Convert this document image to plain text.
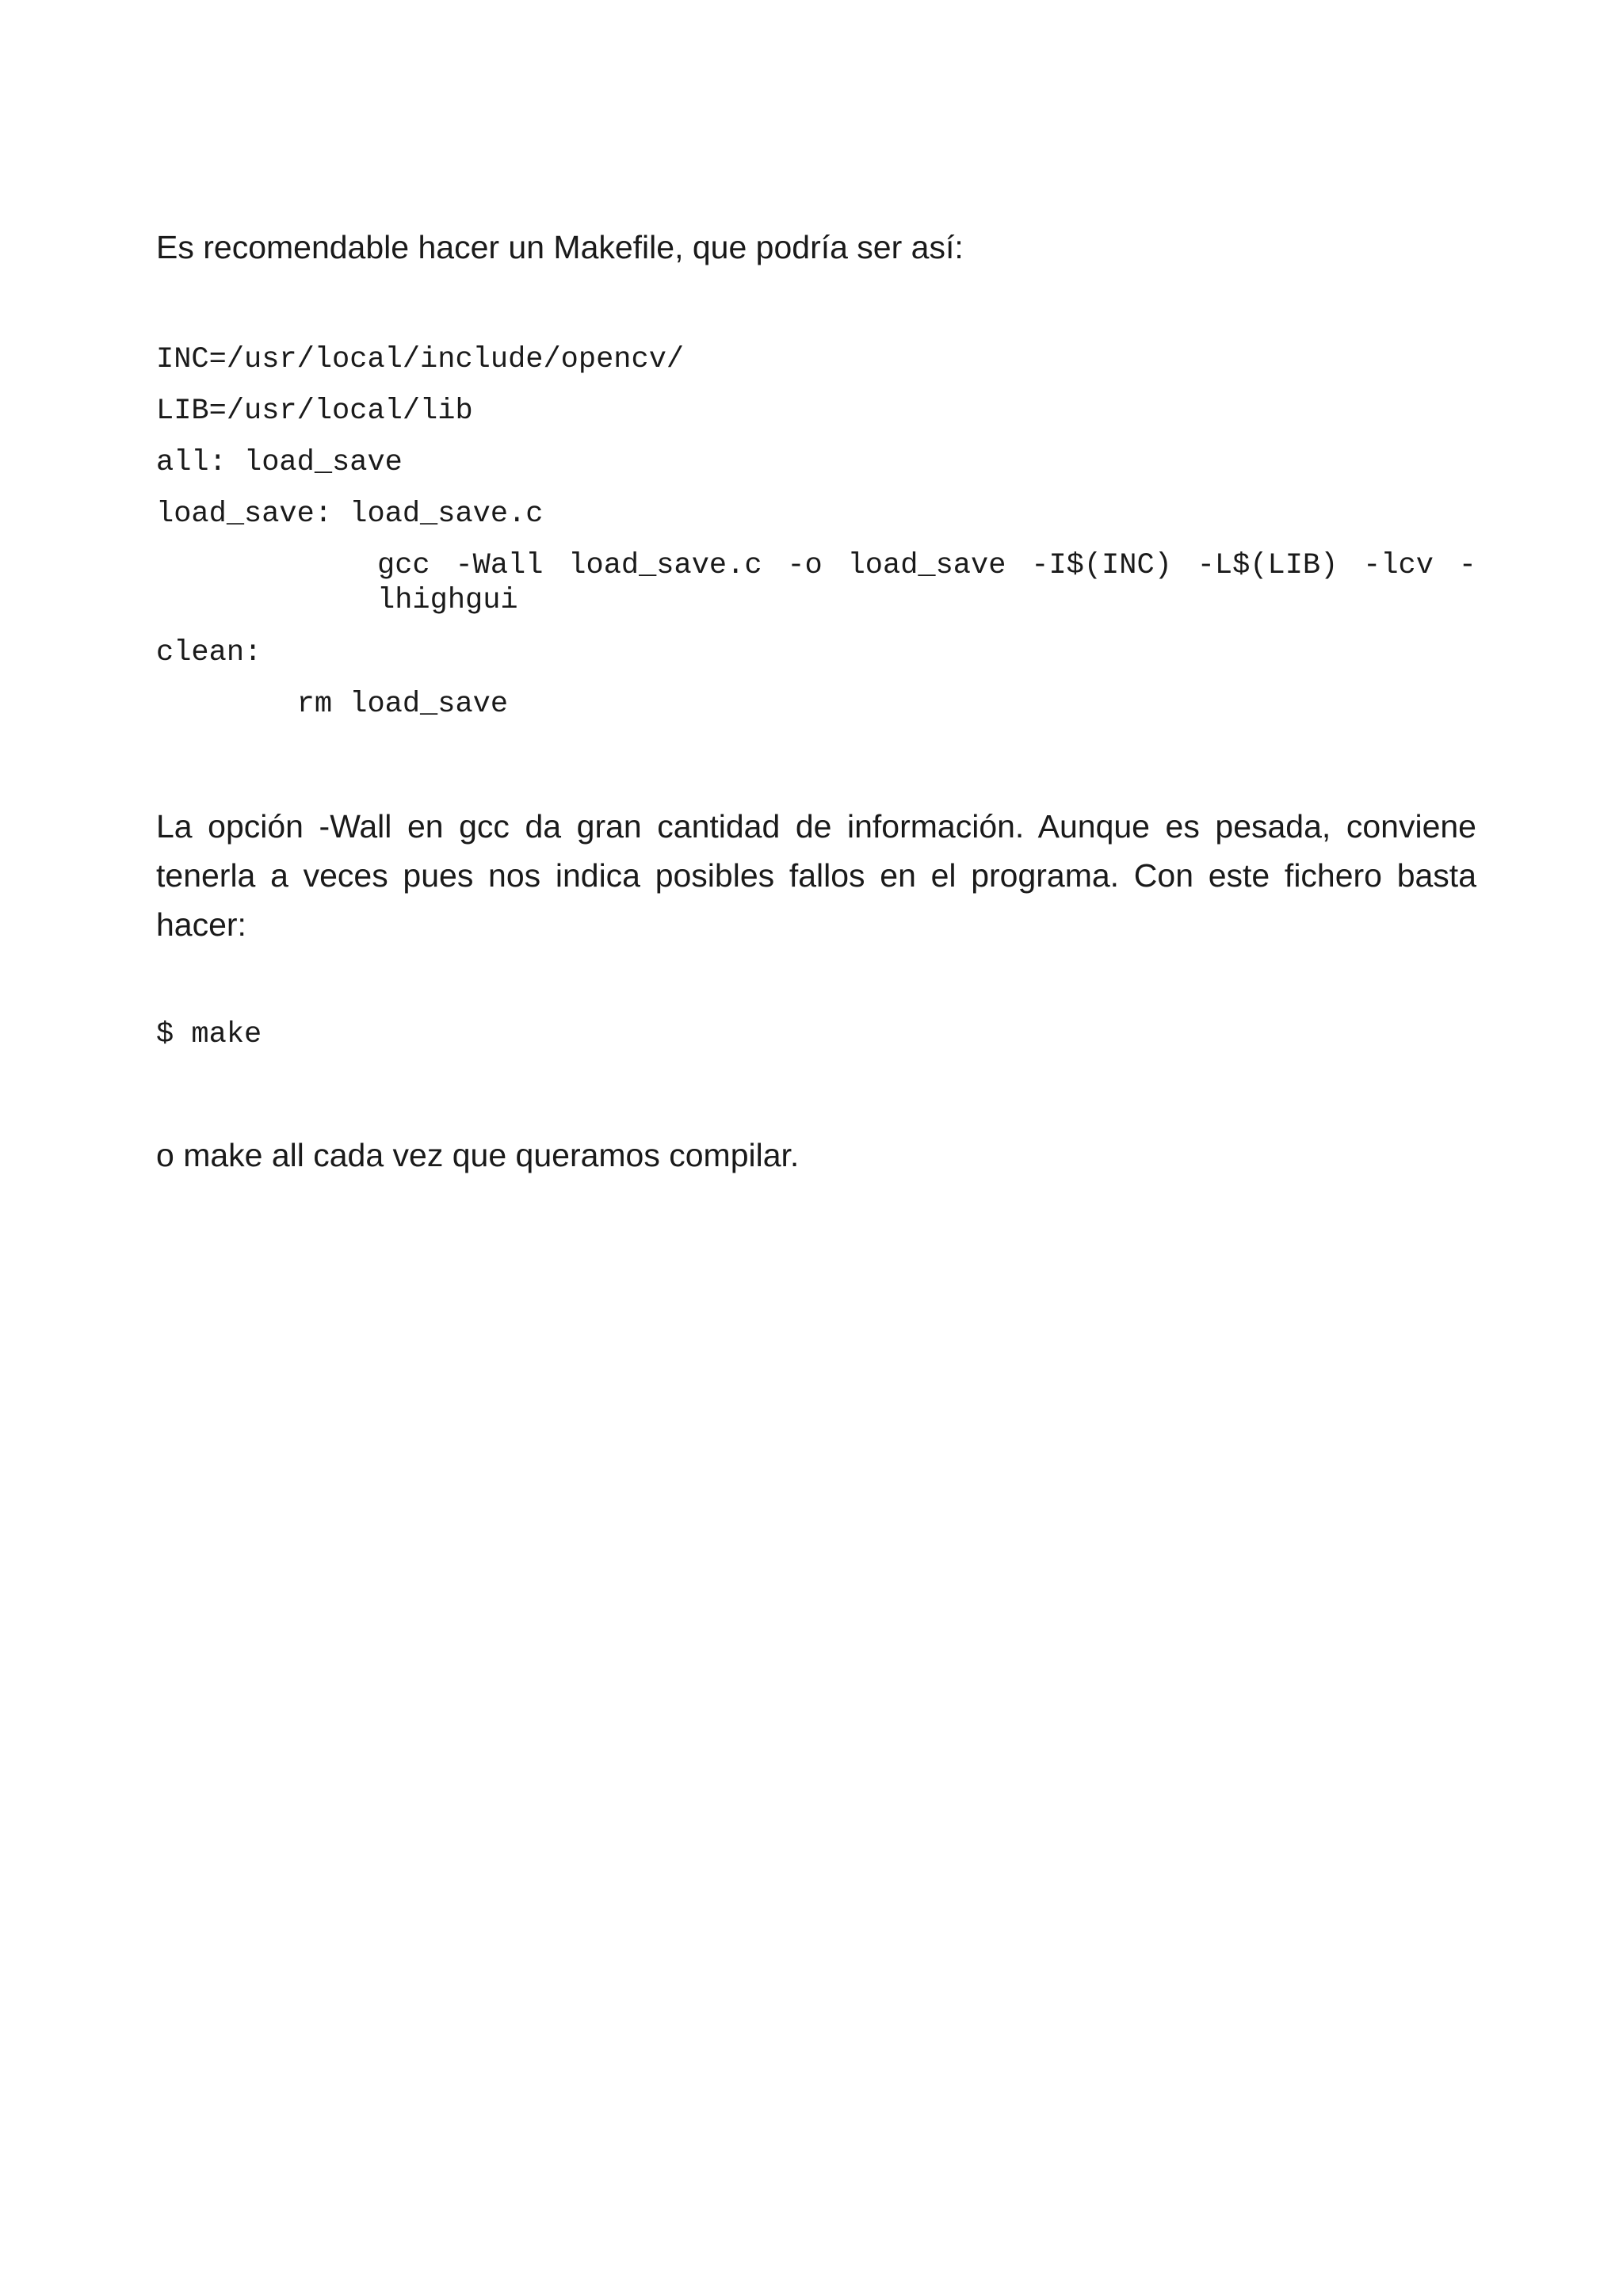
Es recomendable hacer un Makefile, que podría ser así:

INC=/usr/local/include/opencv/
LIB=/usr/local/lib
all: load_save
load_save: load_save.c
gcc -Wall load_save.c -o load_save -I$(INC) -L$(LIB) -lcv -lhighgui
clean:
rm load_save

La opción -Wall en gcc da gran cantidad de información. Aunque es pesada, conviene tenerla a veces pues nos indica posibles fallos en el programa. Con este fichero basta hacer:

$ make

o make all cada vez que queramos compilar.
